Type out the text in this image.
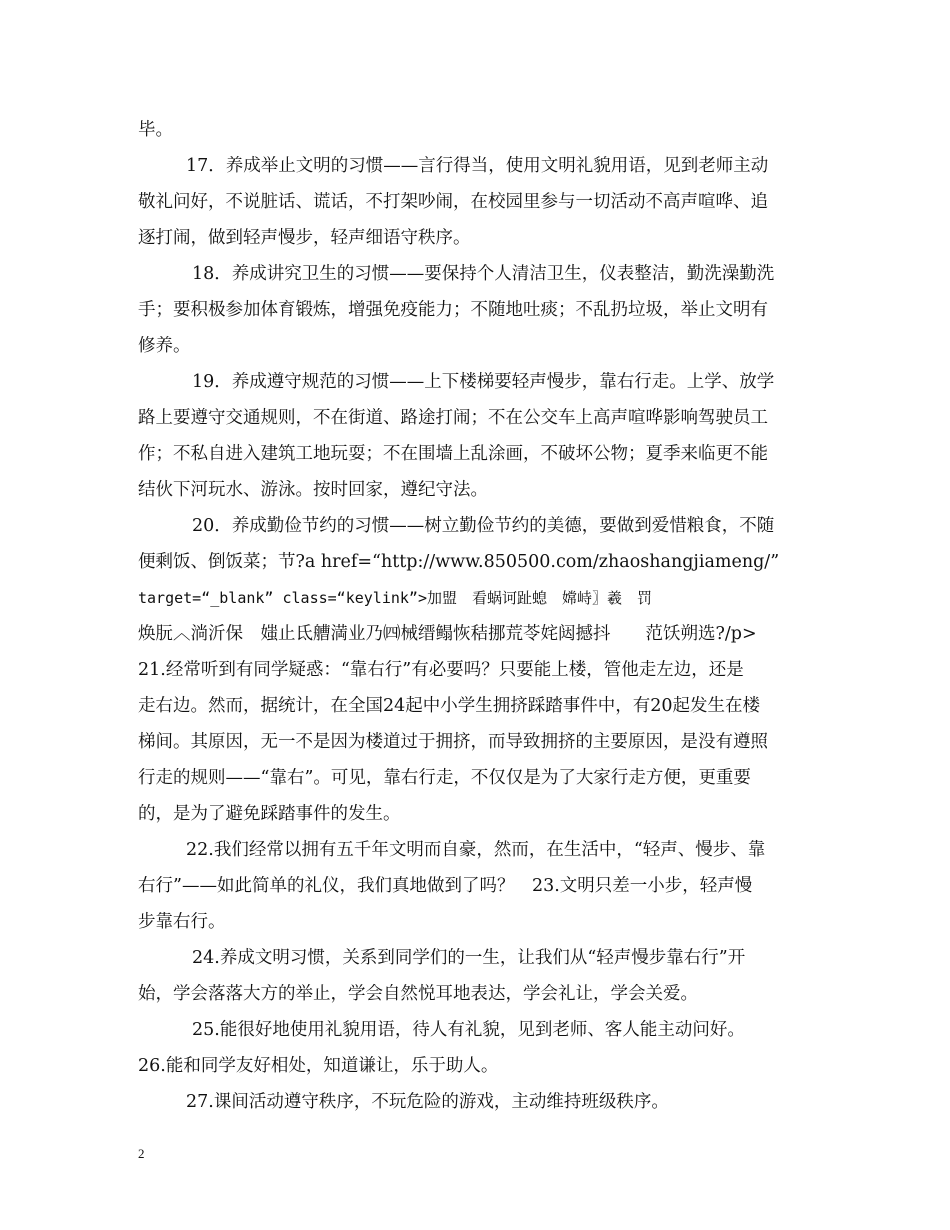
毕。
17．养成举止文明的习惯——言行得当，使用文明礼貌用语，见到老师主动
敬礼问好，不说脏话、谎话，不打架吵闹，在校园里参与一切活动不高声喧哗、追
逐打闹，做到轻声慢步，轻声细语守秩序。
18．养成讲究卫生的习惯——要保持个人清洁卫生，仪表整洁，勤洗澡勤洗
手；要积极参加体育锻炼，增强免疫能力；不随地吐痰；不乱扔垃圾，举止文明有
修养。
19．养成遵守规范的习惯——上下楼梯要轻声慢步，靠右行走。上学、放学
路上要遵守交通规则，不在街道、路途打闹；不在公交车上高声喧哗影响驾驶员工
作；不私自进入建筑工地玩耍；不在围墙上乱涂画，不破坏公物；夏季来临更不能
结伙下河玩水、游泳。按时回家，遵纪守法。
20．养成勤俭节约的习惯——树立勤俭节约的美德，要做到爱惜粮食，不随
便剩饭、倒饭菜；节?a href=“http://www.850500.com/zhaoshangjiameng/”
target=“_blank” class=“keylink”>加盟　看蜗诃趾螅　嫦峙〗羲　罚
焕朊︿淌沂保　媸止氐艚満业乃㈣械缙鳎恢秸挪荒苓姹闼撼抖　　范饫朔选?/p>
21.经常听到有同学疑惑：“靠右行”有必要吗？只要能上楼，管他走左边，还是
走右边。然而，据统计，在全国24起中小学生拥挤踩踏事件中，有20起发生在楼
梯间。其原因，无一不是因为楼道过于拥挤，而导致拥挤的主要原因，是没有遵照
行走的规则——“靠右”。可见，靠右行走，不仅仅是为了大家行走方便，更重要
的，是为了避免踩踏事件的发生。
22.我们经常以拥有五千年文明而自豪，然而，在生活中，“轻声、慢步、靠
右行”——如此简单的礼仪，我们真地做到了吗？　23.文明只差一小步，轻声慢
步靠右行。
24.养成文明习惯，关系到同学们的一生，让我们从“轻声慢步靠右行”开
始，学会落落大方的举止，学会自然悦耳地表达，学会礼让，学会关爱。
25.能很好地使用礼貌用语，待人有礼貌，见到老师、客人能主动问好。
26.能和同学友好相处，知道谦让，乐于助人。
27.课间活动遵守秩序，不玩危险的游戏，主动维持班级秩序。
2
